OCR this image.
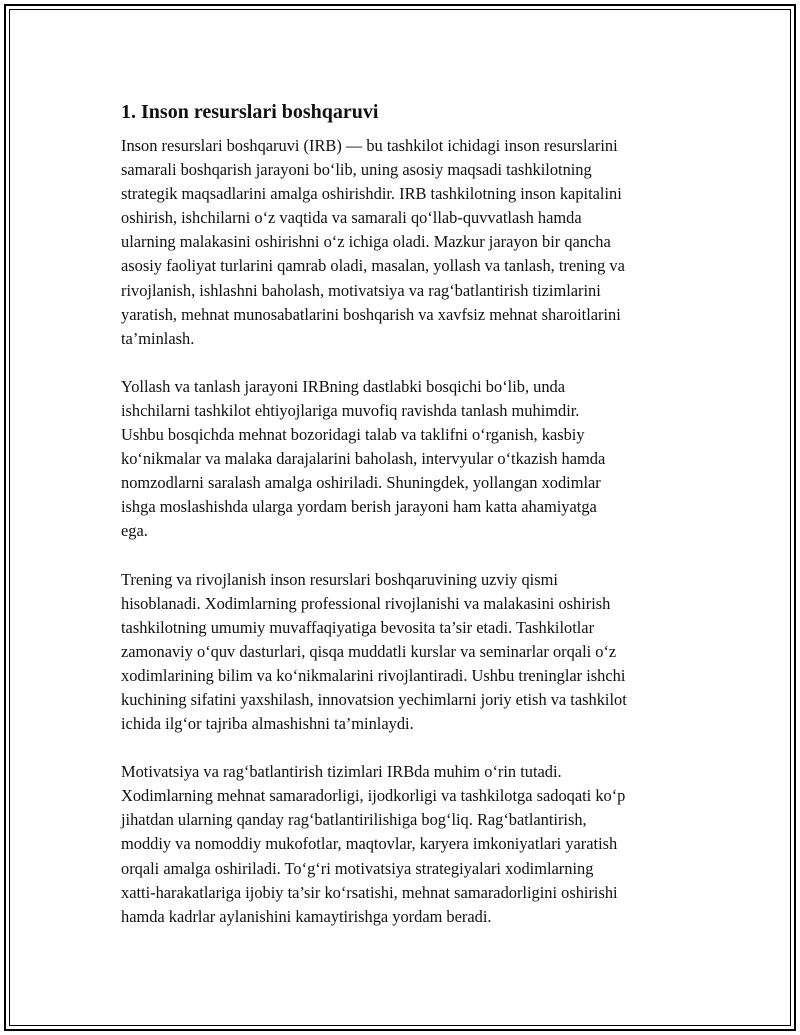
1. Inson resurslari boshqaruvi

Inson resurslari boshqaruvi (IRB) — bu tashkilot ichidagi inson resurslarini
samarali boshqarish jarayoni bo‘lib, uning asosiy maqsadi tashkilotning
strategik maqsadlarini amalga oshirishdir. IRB tashkilotning inson kapitalini
oshirish, ishchilarni o‘z vaqtida va samarali qo‘llab-quvvatlash hamda
ularning malakasini oshirishni o‘z ichiga oladi. Mazkur jarayon bir qancha
asosiy faoliyat turlarini qamrab oladi, masalan, yollash va tanlash, trening va
rivojlanish, ishlashni baholash, motivatsiya va rag‘batlantirish tizimlarini
yaratish, mehnat munosabatlarini boshqarish va xavfsiz mehnat sharoitlarini
ta’minlash.

Yollash va tanlash jarayoni IRBning dastlabki bosqichi bo‘lib, unda
ishchilarni tashkilot ehtiyojlariga muvofiq ravishda tanlash muhimdir.
Ushbu bosqichda mehnat bozoridagi talab va taklifni o‘rganish, kasbiy
ko‘nikmalar va malaka darajalarini baholash, intervyular o‘tkazish hamda
nomzodlarni saralash amalga oshiriladi. Shuningdek, yollangan xodimlar
ishga moslashishda ularga yordam berish jarayoni ham katta ahamiyatga
ega.

Trening va rivojlanish inson resurslari boshqaruvining uzviy qismi
hisoblanadi. Xodimlarning professional rivojlanishi va malakasini oshirish
tashkilotning umumiy muvaffaqiyatiga bevosita ta’sir etadi. Tashkilotlar
zamonaviy o‘quv dasturlari, qisqa muddatli kurslar va seminarlar orqali o‘z
xodimlarining bilim va ko‘nikmalarini rivojlantiradi. Ushbu treninglar ishchi
kuchining sifatini yaxshilash, innovatsion yechimlarni joriy etish va tashkilot
ichida ilg‘or tajriba almashishni ta’minlaydi.

Motivatsiya va rag‘batlantirish tizimlari IRBda muhim o‘rin tutadi.
Xodimlarning mehnat samaradorligi, ijodkorligi va tashkilotga sadoqati ko‘p
jihatdan ularning qanday rag‘batlantirilishiga bog‘liq. Rag‘batlantirish,
moddiy va nomoddiy mukofotlar, maqtovlar, karyera imkoniyatlari yaratish
orqali amalga oshiriladi. To‘g‘ri motivatsiya strategiyalari xodimlarning
xatti-harakatlariga ijobiy ta’sir ko‘rsatishi, mehnat samaradorligini oshirishi
hamda kadrlar aylanishini kamaytirishga yordam beradi.
